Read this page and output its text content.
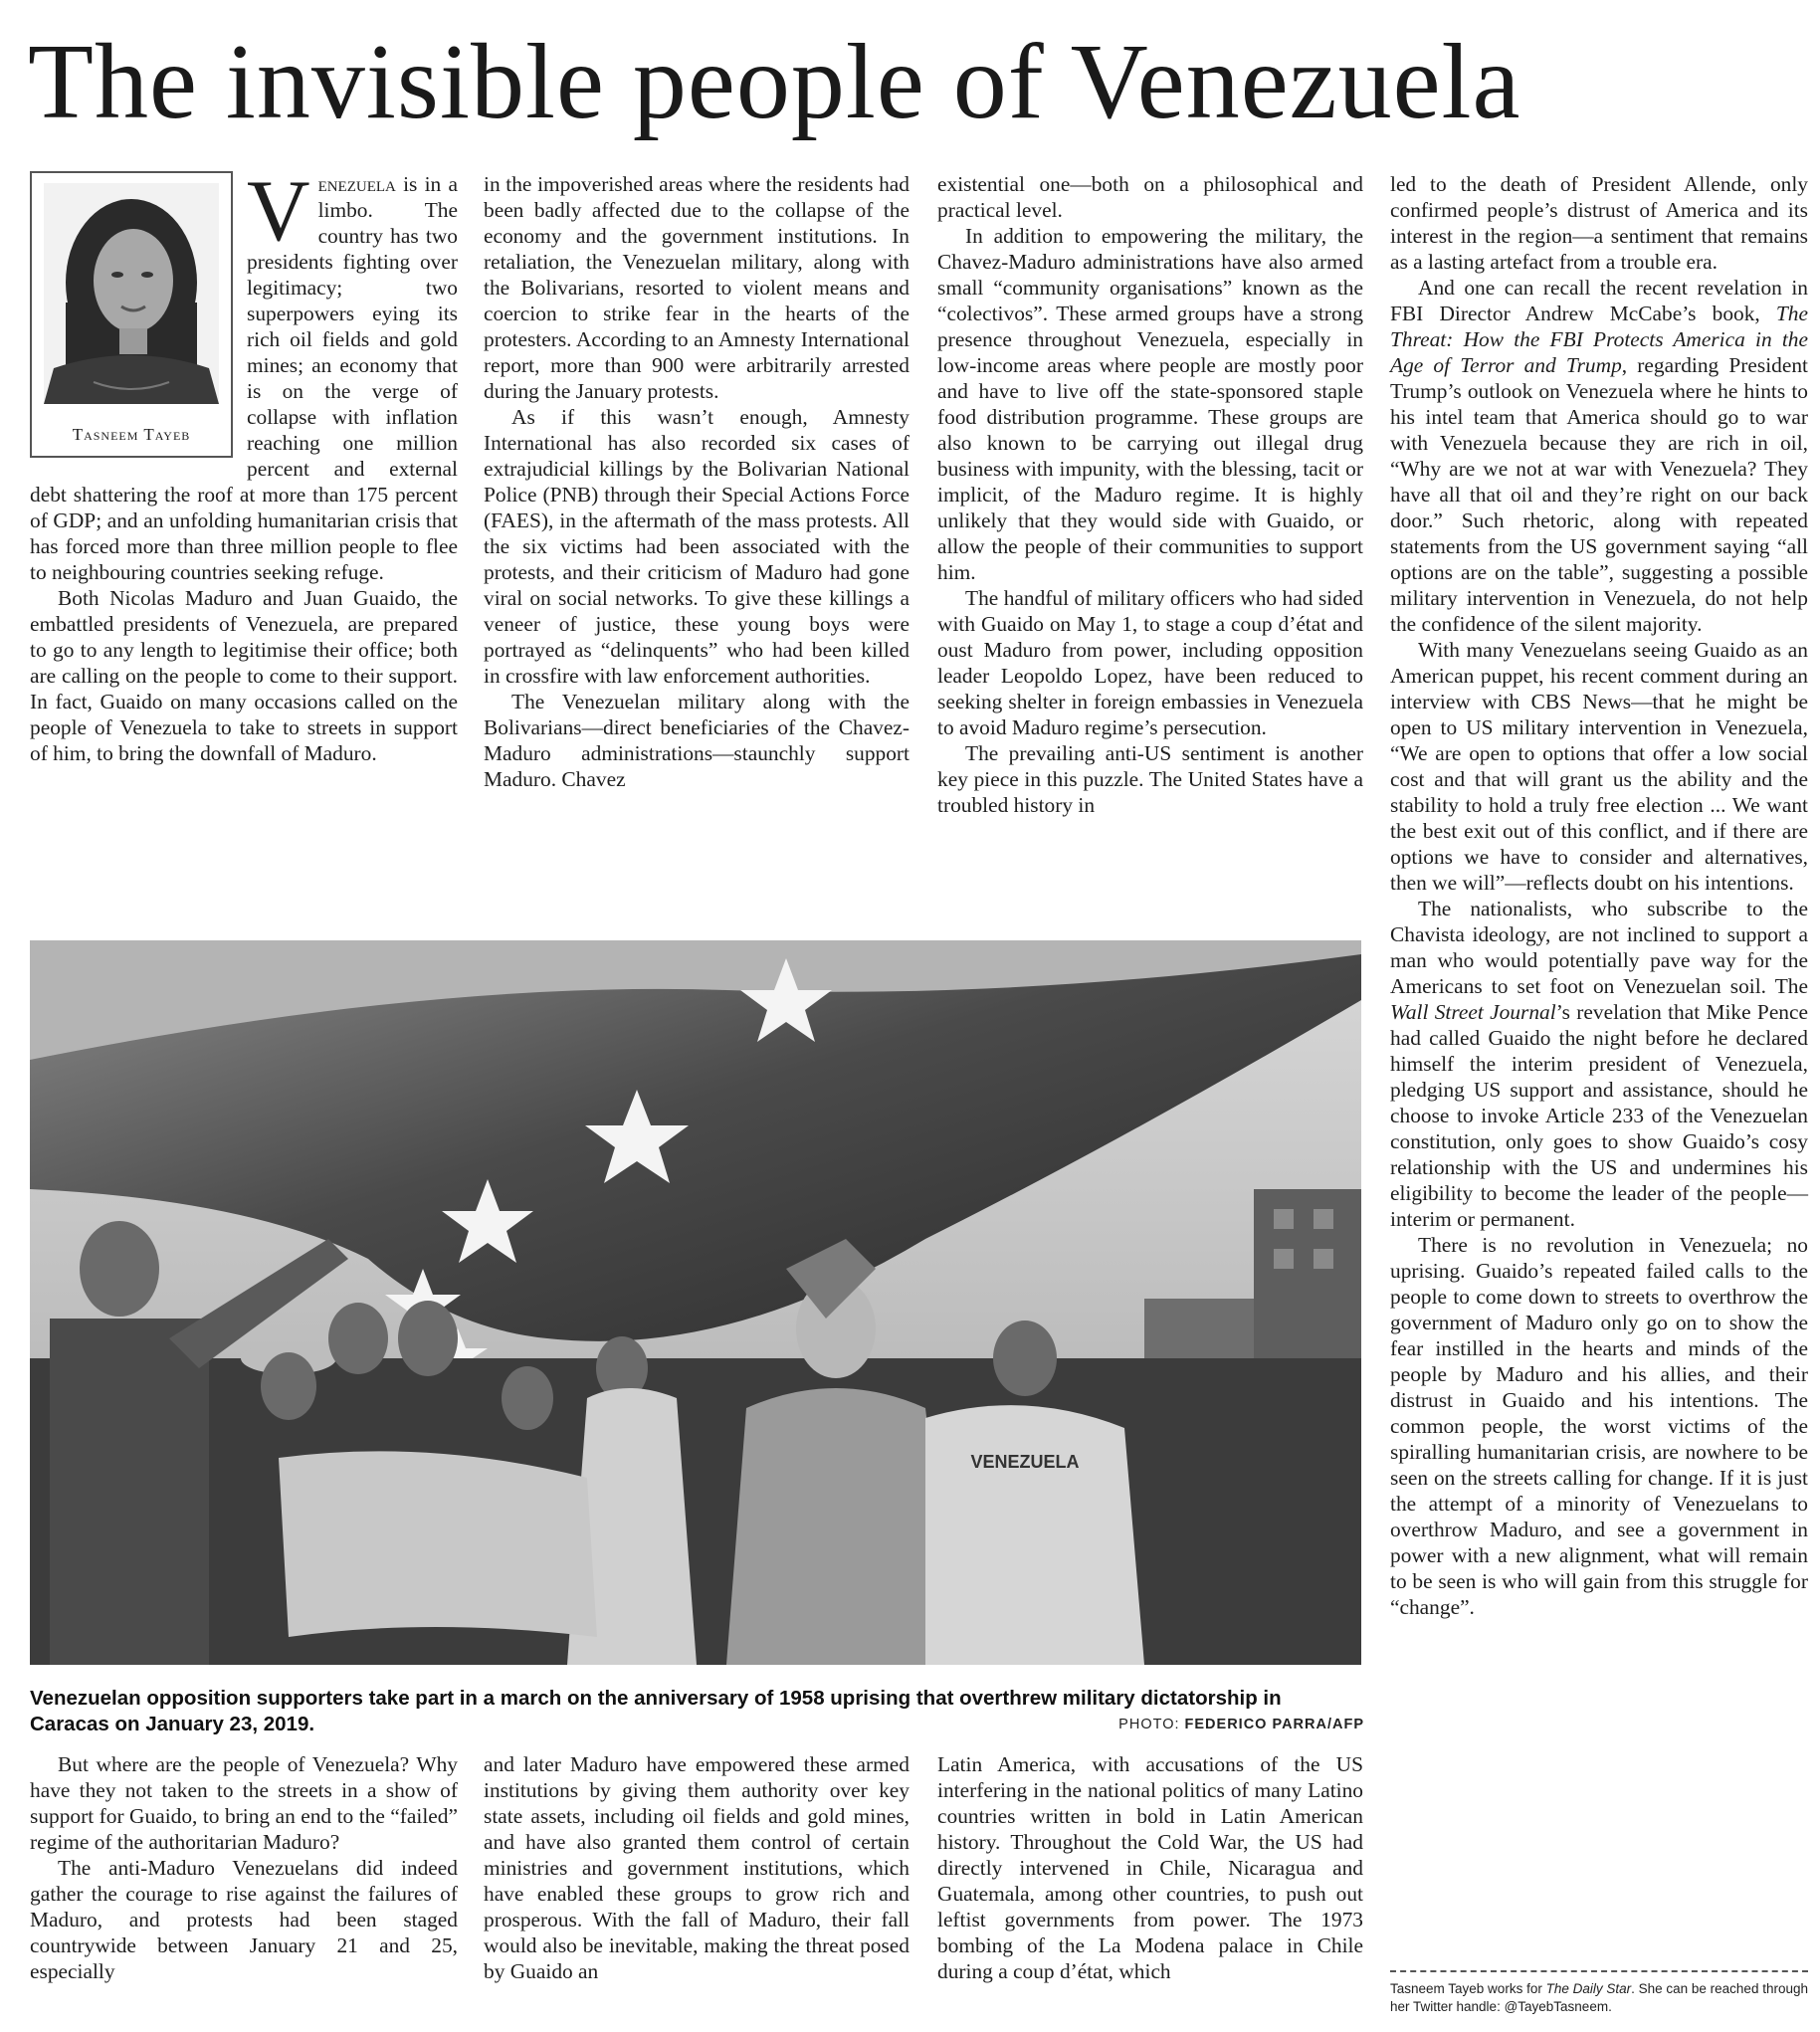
The invisible people of Venezuela
Tasneem Tayeb

Venezuela is in a limbo. The country has two presidents fighting over legitimacy; two superpowers eying its rich oil fields and gold mines; an economy that is on the verge of collapse with inflation reaching one million percent and external debt shattering the roof at more than 175 percent of GDP; and an unfolding humanitarian crisis that has forced more than three million people to flee to neighbouring countries seeking refuge.

Both Nicolas Maduro and Juan Guaido, the embattled presidents of Venezuela, are prepared to go to any length to legitimise their office; both are calling on the people to come to their support. In fact, Guaido on many occasions called on the people of Venezuela to take to streets in support of him, to bring the downfall of Maduro.

in the impoverished areas where the residents had been badly affected due to the collapse of the economy and the government institutions. In retaliation, the Venezuelan military, along with the Bolivarians, resorted to violent means and coercion to strike fear in the hearts of the protesters. According to an Amnesty International report, more than 900 were arbitrarily arrested during the January protests.

As if this wasn’t enough, Amnesty International has also recorded six cases of extrajudicial killings by the Bolivarian National Police (PNB) through their Special Actions Force (FAES), in the aftermath of the mass protests. All the six victims had been associated with the protests, and their criticism of Maduro had gone viral on social networks. To give these killings a veneer of justice, these young boys were portrayed as “delinquents” who had been killed in crossfire with law enforcement authorities.

The Venezuelan military along with the Bolivarians—direct beneficiaries of the Chavez-Maduro administrations—staunchly support Maduro. Chavez

existential one—both on a philosophical and practical level.

In addition to empowering the military, the Chavez-Maduro administrations have also armed small “community organisations” known as the “colectivos”. These armed groups have a strong presence throughout Venezuela, especially in low-income areas where people are mostly poor and have to live off the state-sponsored staple food distribution programme. These groups are also known to be carrying out illegal drug business with impunity, with the blessing, tacit or implicit, of the Maduro regime. It is highly unlikely that they would side with Guaido, or allow the people of their communities to support him.

The handful of military officers who had sided with Guaido on May 1, to stage a coup d’état and oust Maduro from power, including opposition leader Leopoldo Lopez, have been reduced to seeking shelter in foreign embassies in Venezuela to avoid Maduro regime’s persecution.

The prevailing anti-US sentiment is another key piece in this puzzle. The United States have a troubled history in

led to the death of President Allende, only confirmed people’s distrust of America and its interest in the region—a sentiment that remains as a lasting artefact from a trouble era.

And one can recall the recent revelation in FBI Director Andrew McCabe’s book, The Threat: How the FBI Protects America in the Age of Terror and Trump, regarding President Trump’s outlook on Venezuela where he hints to his intel team that America should go to war with Venezuela because they are rich in oil, “Why are we not at war with Venezuela? They have all that oil and they’re right on our back door.” Such rhetoric, along with repeated statements from the US government saying “all options are on the table”, suggesting a possible military intervention in Venezuela, do not help the confidence of the silent majority.

With many Venezuelans seeing Guaido as an American puppet, his recent comment during an interview with CBS News—that he might be open to US military intervention in Venezuela, “We are open to options that offer a low social cost and that will grant us the ability and the stability to hold a truly free election ... We want the best exit out of this conflict, and if there are options we have to consider and alternatives, then we will”—reflects doubt on his intentions.

The nationalists, who subscribe to the Chavista ideology, are not inclined to support a man who would potentially pave way for the Americans to set foot on Venezuelan soil. The Wall Street Journal’s revelation that Mike Pence had called Guaido the night before he declared himself the interim president of Venezuela, pledging US support and assistance, should he choose to invoke Article 233 of the Venezuelan constitution, only goes to show Guaido’s cosy relationship with the US and undermines his eligibility to become the leader of the people—interim or permanent.

There is no revolution in Venezuela; no uprising. Guaido’s repeated failed calls to the people to come down to streets to overthrow the government of Maduro only go on to show the fear instilled in the hearts and minds of the people by Maduro and his allies, and their distrust in Guaido and his intentions. The common people, the worst victims of the spiralling humanitarian crisis, are nowhere to be seen on the streets calling for change. If it is just the attempt of a minority of Venezuelans to overthrow Maduro, and see a government in power with a new alignment, what will remain to be seen is who will gain from this struggle for “change”.

VENEZUELA
Venezuelan opposition supporters take part in a march on the anniversary of 1958 uprising that overthrew military dictatorship in Caracas on January 23, 2019.	PHOTO: FEDERICO PARRA/AFP

But where are the people of Venezuela? Why have they not taken to the streets in a show of support for Guaido, to bring an end to the “failed” regime of the authoritarian Maduro?

The anti-Maduro Venezuelans did indeed gather the courage to rise against the failures of Maduro, and protests had been staged countrywide between January 21 and 25, especially

and later Maduro have empowered these armed institutions by giving them authority over key state assets, including oil fields and gold mines, and have also granted them control of certain ministries and government institutions, which have enabled these groups to grow rich and prosperous. With the fall of Maduro, their fall would also be inevitable, making the threat posed by Guaido an

Latin America, with accusations of the US interfering in the national politics of many Latino countries written in bold in Latin American history. Throughout the Cold War, the US had directly intervened in Chile, Nicaragua and Guatemala, among other countries, to push out leftist governments from power. The 1973 bombing of the La Modena palace in Chile during a coup d’état, which

Tasneem Tayeb works for The Daily Star. She can be reached through her Twitter handle: @TayebTasneem.
